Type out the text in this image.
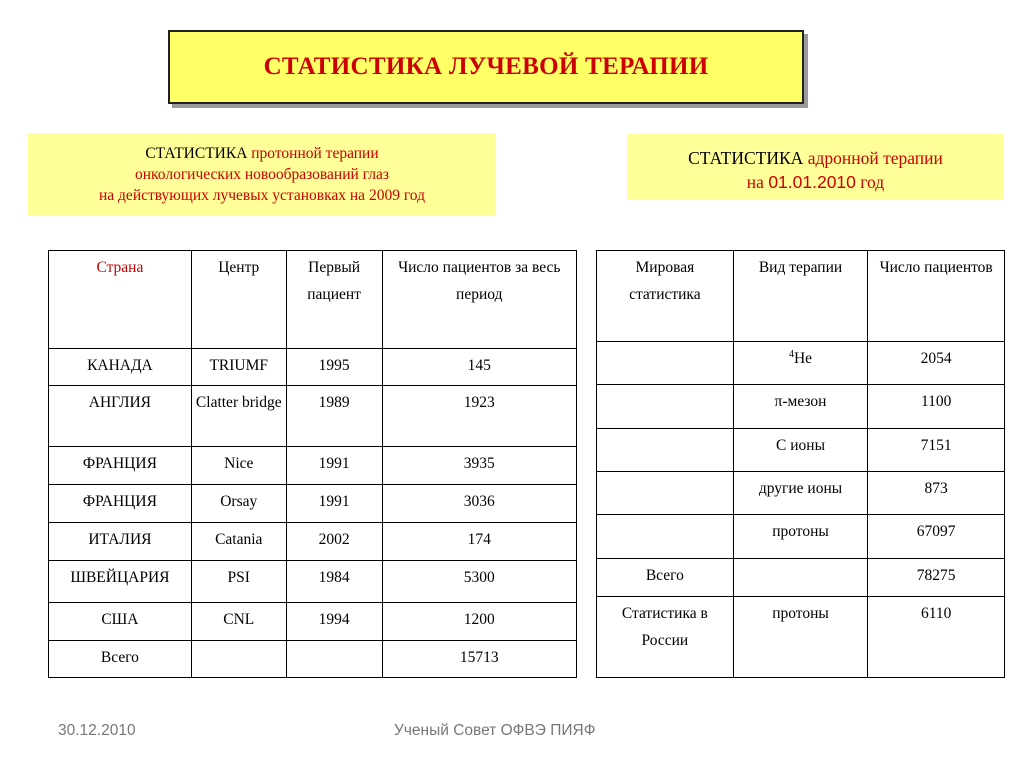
СТАТИСТИКА ЛУЧЕВОЙ ТЕРАПИИ
СТАТИСТИКА протонной терапии
онкологических новообразований глаз
на действующих лучевых установках на 2009 год
СТАТИСТИКА адронной терапии
на 01.01.2010 год
Страна	Центр	Первый пациент	Число пациентов за весь период
КАНАДА	TRIUMF	1995	145
АНГЛИЯ	Clatter bridge	1989	1923
ФРАНЦИЯ	Nice	1991	3935
ФРАНЦИЯ	Orsay	1991	3036
ИТАЛИЯ	Catania	2002	174
ШВЕЙЦАРИЯ	PSI	1984	5300
США	CNL	1994	1200
Всего			15713
Мировая статистика	Вид терапии	Число пациентов
	$^4$He	2054
	π-мезон	1100
	С ионы	7151
	другие ионы	873
	протоны	67097
Всего		78275
Статистика в России	протоны	6110
30.12.2010	Ученый Совет ОФВЭ ПИЯФ
